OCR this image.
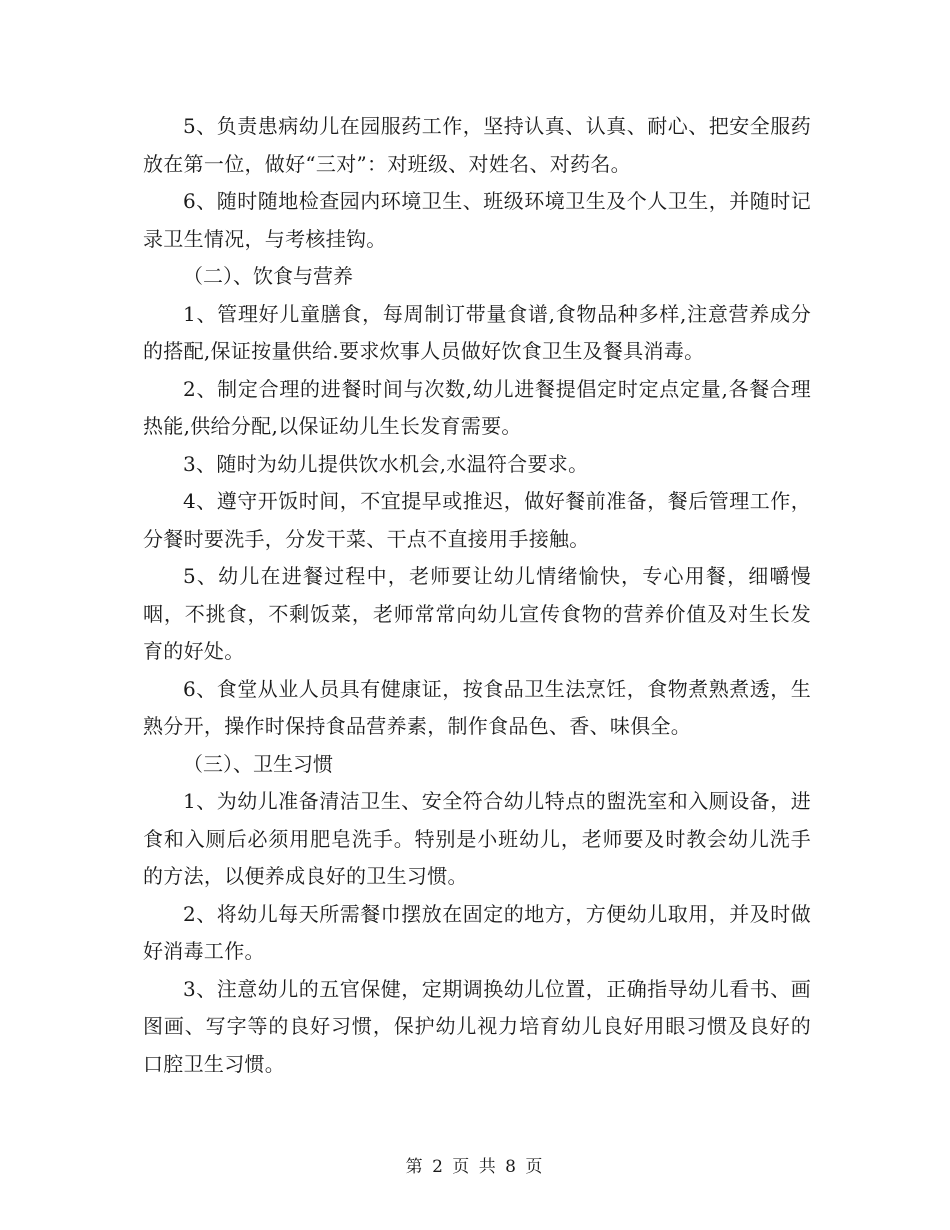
5、负责患病幼儿在园服药工作，坚持认真、认真、耐心、把安全服药放在第一位，做好“三对”：对班级、对姓名、对药名。

6、随时随地检查园内环境卫生、班级环境卫生及个人卫生，并随时记录卫生情况，与考核挂钩。

（二）、饮食与营养

1、管理好儿童膳食，每周制订带量食谱,食物品种多样,注意营养成分的搭配,保证按量供给.要求炊事人员做好饮食卫生及餐具消毒。

2、制定合理的进餐时间与次数,幼儿进餐提倡定时定点定量,各餐合理热能,供给分配,以保证幼儿生长发育需要。

3、随时为幼儿提供饮水机会,水温符合要求。

4、遵守开饭时间，不宜提早或推迟，做好餐前准备，餐后管理工作，分餐时要洗手，分发干菜、干点不直接用手接触。

5、幼儿在进餐过程中，老师要让幼儿情绪愉快，专心用餐，细嚼慢咽，不挑食，不剩饭菜，老师常常向幼儿宣传食物的营养价值及对生长发育的好处。

6、食堂从业人员具有健康证，按食品卫生法烹饪，食物煮熟煮透，生熟分开，操作时保持食品营养素，制作食品色、香、味俱全。

（三）、卫生习惯

1、为幼儿准备清洁卫生、安全符合幼儿特点的盥洗室和入厕设备，进食和入厕后必须用肥皂洗手。特别是小班幼儿，老师要及时教会幼儿洗手的方法，以便养成良好的卫生习惯。

2、将幼儿每天所需餐巾摆放在固定的地方，方便幼儿取用，并及时做好消毒工作。

3、注意幼儿的五官保健，定期调换幼儿位置，正确指导幼儿看书、画图画、写字等的良好习惯，保护幼儿视力培育幼儿良好用眼习惯及良好的口腔卫生习惯。

第 2 页 共 8 页
